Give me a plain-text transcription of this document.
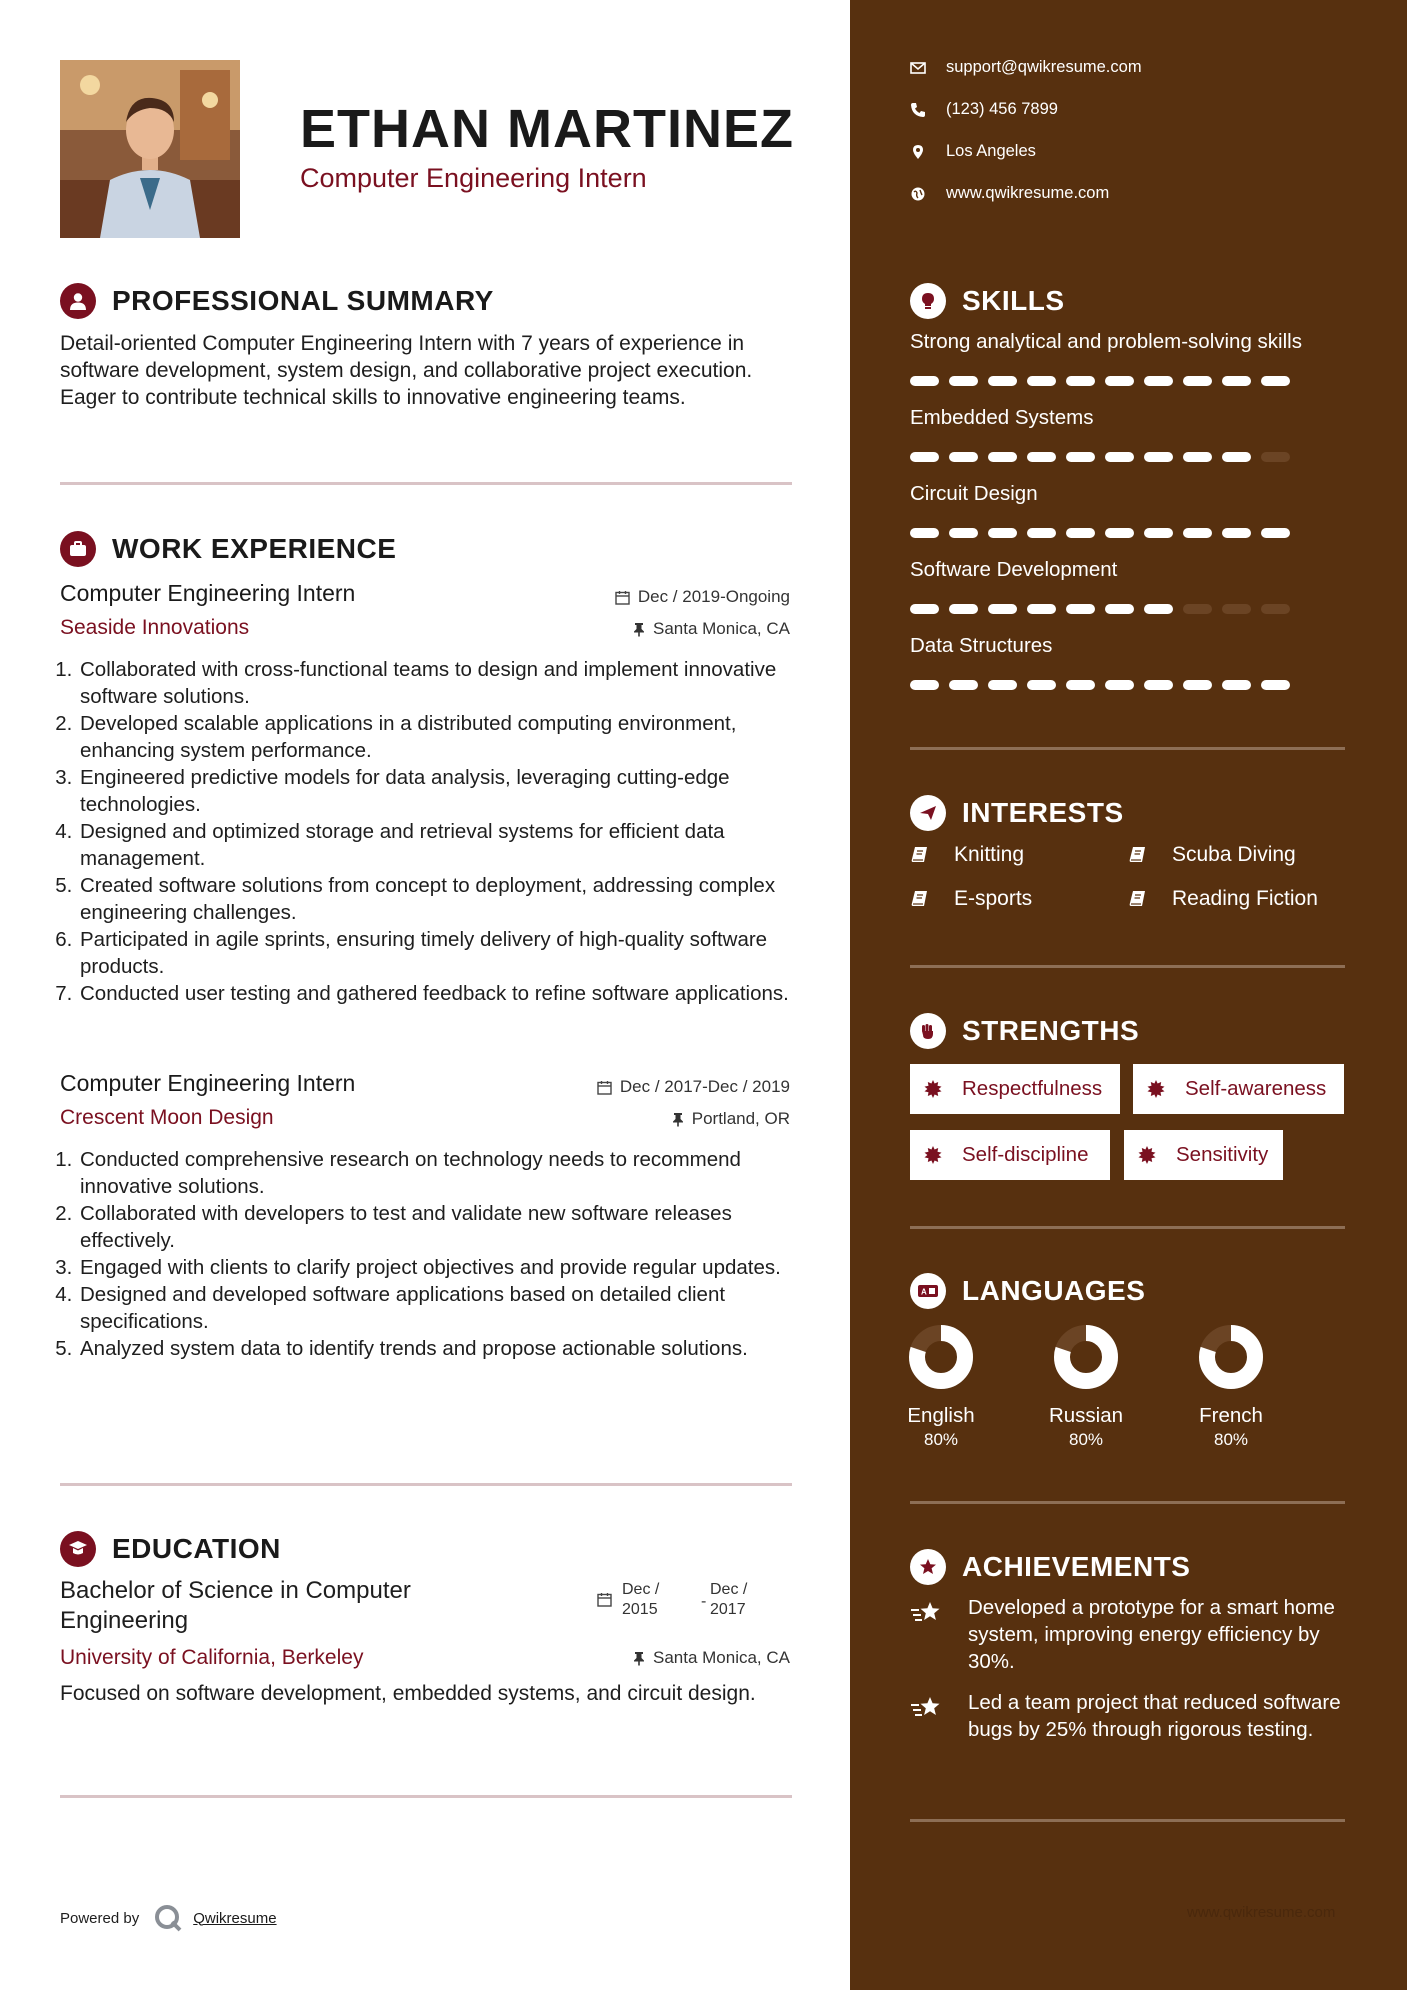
ETHAN MARTINEZ
Computer Engineering Intern
PROFESSIONAL SUMMARY
Detail-oriented Computer Engineering Intern with 7 years of experience in software development, system design, and collaborative project execution. Eager to contribute technical skills to innovative engineering teams.
WORK EXPERIENCE
Computer Engineering Intern	Dec / 2019-Ongoing
Seaside Innovations	Santa Monica, CA
1. Collaborated with cross-functional teams to design and implement innovative software solutions.
2. Developed scalable applications in a distributed computing environment, enhancing system performance.
3. Engineered predictive models for data analysis, leveraging cutting-edge technologies.
4. Designed and optimized storage and retrieval systems for efficient data management.
5. Created software solutions from concept to deployment, addressing complex engineering challenges.
6. Participated in agile sprints, ensuring timely delivery of high-quality software products.
7. Conducted user testing and gathered feedback to refine software applications.
Computer Engineering Intern	Dec / 2017-Dec / 2019
Crescent Moon Design	Portland, OR
1. Conducted comprehensive research on technology needs to recommend innovative solutions.
2. Collaborated with developers to test and validate new software releases effectively.
3. Engaged with clients to clarify project objectives and provide regular updates.
4. Designed and developed software applications based on detailed client specifications.
5. Analyzed system data to identify trends and propose actionable solutions.
EDUCATION
Bachelor of Science in Computer Engineering
Dec / 2015	-
Dec / 2017
University of California, Berkeley	Santa Monica, CA
Focused on software development, embedded systems, and circuit design.
Powered by	Qwikresume
support@qwikresume.com
(123) 456 7899
Los Angeles
www.qwikresume.com
SKILLS
Strong analytical and problem-solving skills
Embedded Systems
Circuit Design
Software Development
Data Structures
INTERESTS
Knitting	Scuba Diving
E-sports	Reading Fiction
STRENGTHS
Respectfulness	Self-awareness
Self-discipline	Sensitivity
A LANGUAGES
English
80%
Russian
80%
French
80%
ACHIEVEMENTS
Developed a prototype for a smart home system, improving energy efficiency by 30%.
Led a team project that reduced software bugs by 25% through rigorous testing.
www.qwikresume.com
